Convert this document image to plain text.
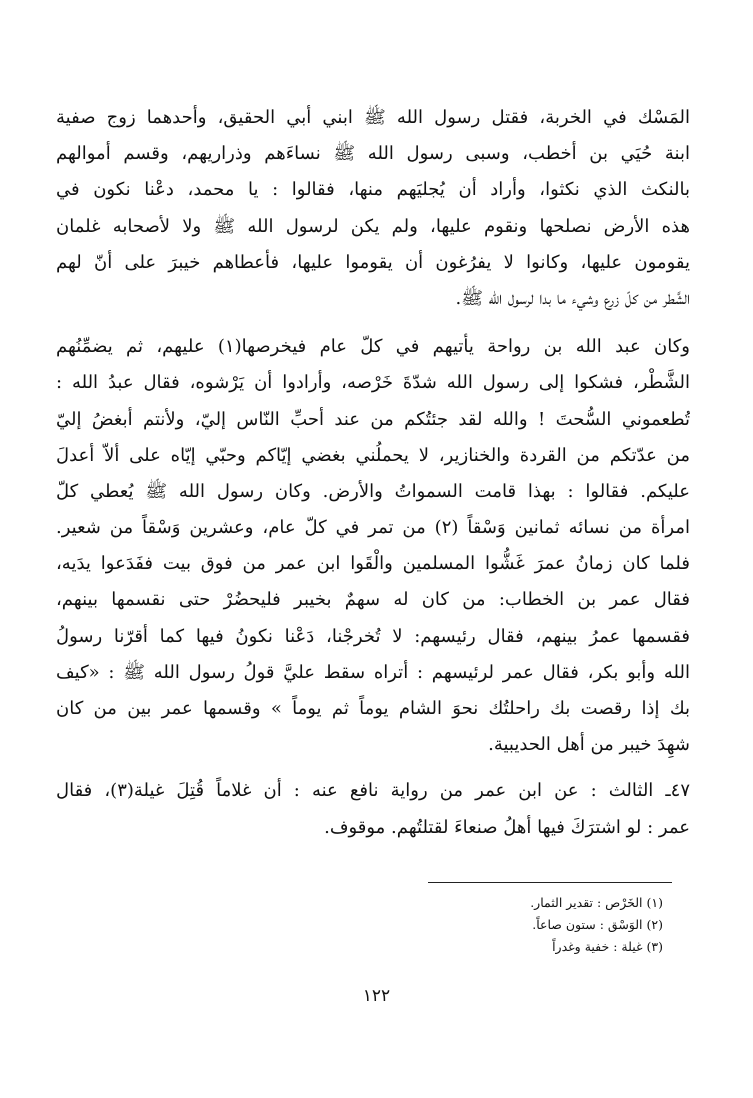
المَسْك في الخربة، فقتل رسول الله ﷺ ابني أبي الحقيق، وأحدهما زوج صفية
ابنة حُيَي بن أخطب، وسبى رسول الله ﷺ نساءَهم وذراريهم، وقسم أموالهم
بالنكث الذي نكثوا، وأراد أن يُجليَهم منها، فقالوا : يا محمد، دعْنا نكون في
هذه الأرض نصلحها ونقوم عليها، ولم يكن لرسول الله ﷺ ولا لأصحابه غلمان
يقومون عليها، وكانوا لا يفرُغون أن يقوموا عليها، فأعطاهم خيبرَ على أنّ لهم
الشَّطر من كلّ زرع وشيء ما بدا لرسول الله ﷺ.
وكان عبد الله بن رواحة يأتيهم في كلّ عام فيخرصها(١) عليهم، ثم يضمِّنُهم
الشَّطْر، فشكوا إلى رسول الله شدّةَ خَرْصه، وأرادوا أن يَرْشوه، فقال عبدُ الله :
تُطعموني السُّحتَ ! والله لقد جئتُكم من عند أحبِّ النّاس إليّ، ولأنتم أبغضُ إليّ
من عدّتكم من القردة والخنازير، لا يحملُني بغضي إيّاكم وحبّي إيّاه على ألاّ أعدلَ
عليكم. فقالوا : بهذا قامت السمواتُ والأرض. وكان رسول الله ﷺ يُعطي كلّ
امرأة من نسائه ثمانين وَسْقاً (٢) من تمر في كلّ عام، وعشرين وَسْقاً من شعير.
فلما كان زمانُ عمرَ غَشُّوا المسلمين والْقَوا ابن عمر من فوق بيت ففَدَعوا يدَيه،
فقال عمر بن الخطاب: من كان له سهمٌ بخيبر فليحضُرْ حتى نقسمها بينهم،
فقسمها عمرُ بينهم، فقال رئيسهم: لا تُخرجْنا، دَعْنا نكونُ فيها كما أقرّنا رسولُ
الله وأبو بكر، فقال عمر لرئيسهم : أتراه سقط عليَّ قولُ رسول الله ﷺ : «كيف
بك إذا رقصت بك راحلتُك نحوَ الشام يوماً ثم يوماً » وقسمها عمر بين من كان
شهِدَ خيبر من أهل الحديبية.
٤٧ـ الثالث : عن ابن عمر من رواية نافع عنه : أن غلاماً قُتِلَ غيلة(٣)، فقال
عمر : لو اشترَكَ فيها أهلُ صنعاءَ لقتلتُهم. موقوف.
(١) الخَرْص : تقدير الثمار.
(٢) الوَسْق : ستون صاعاً.
(٣) غيلة : خفية وغدراً
١٢٢
